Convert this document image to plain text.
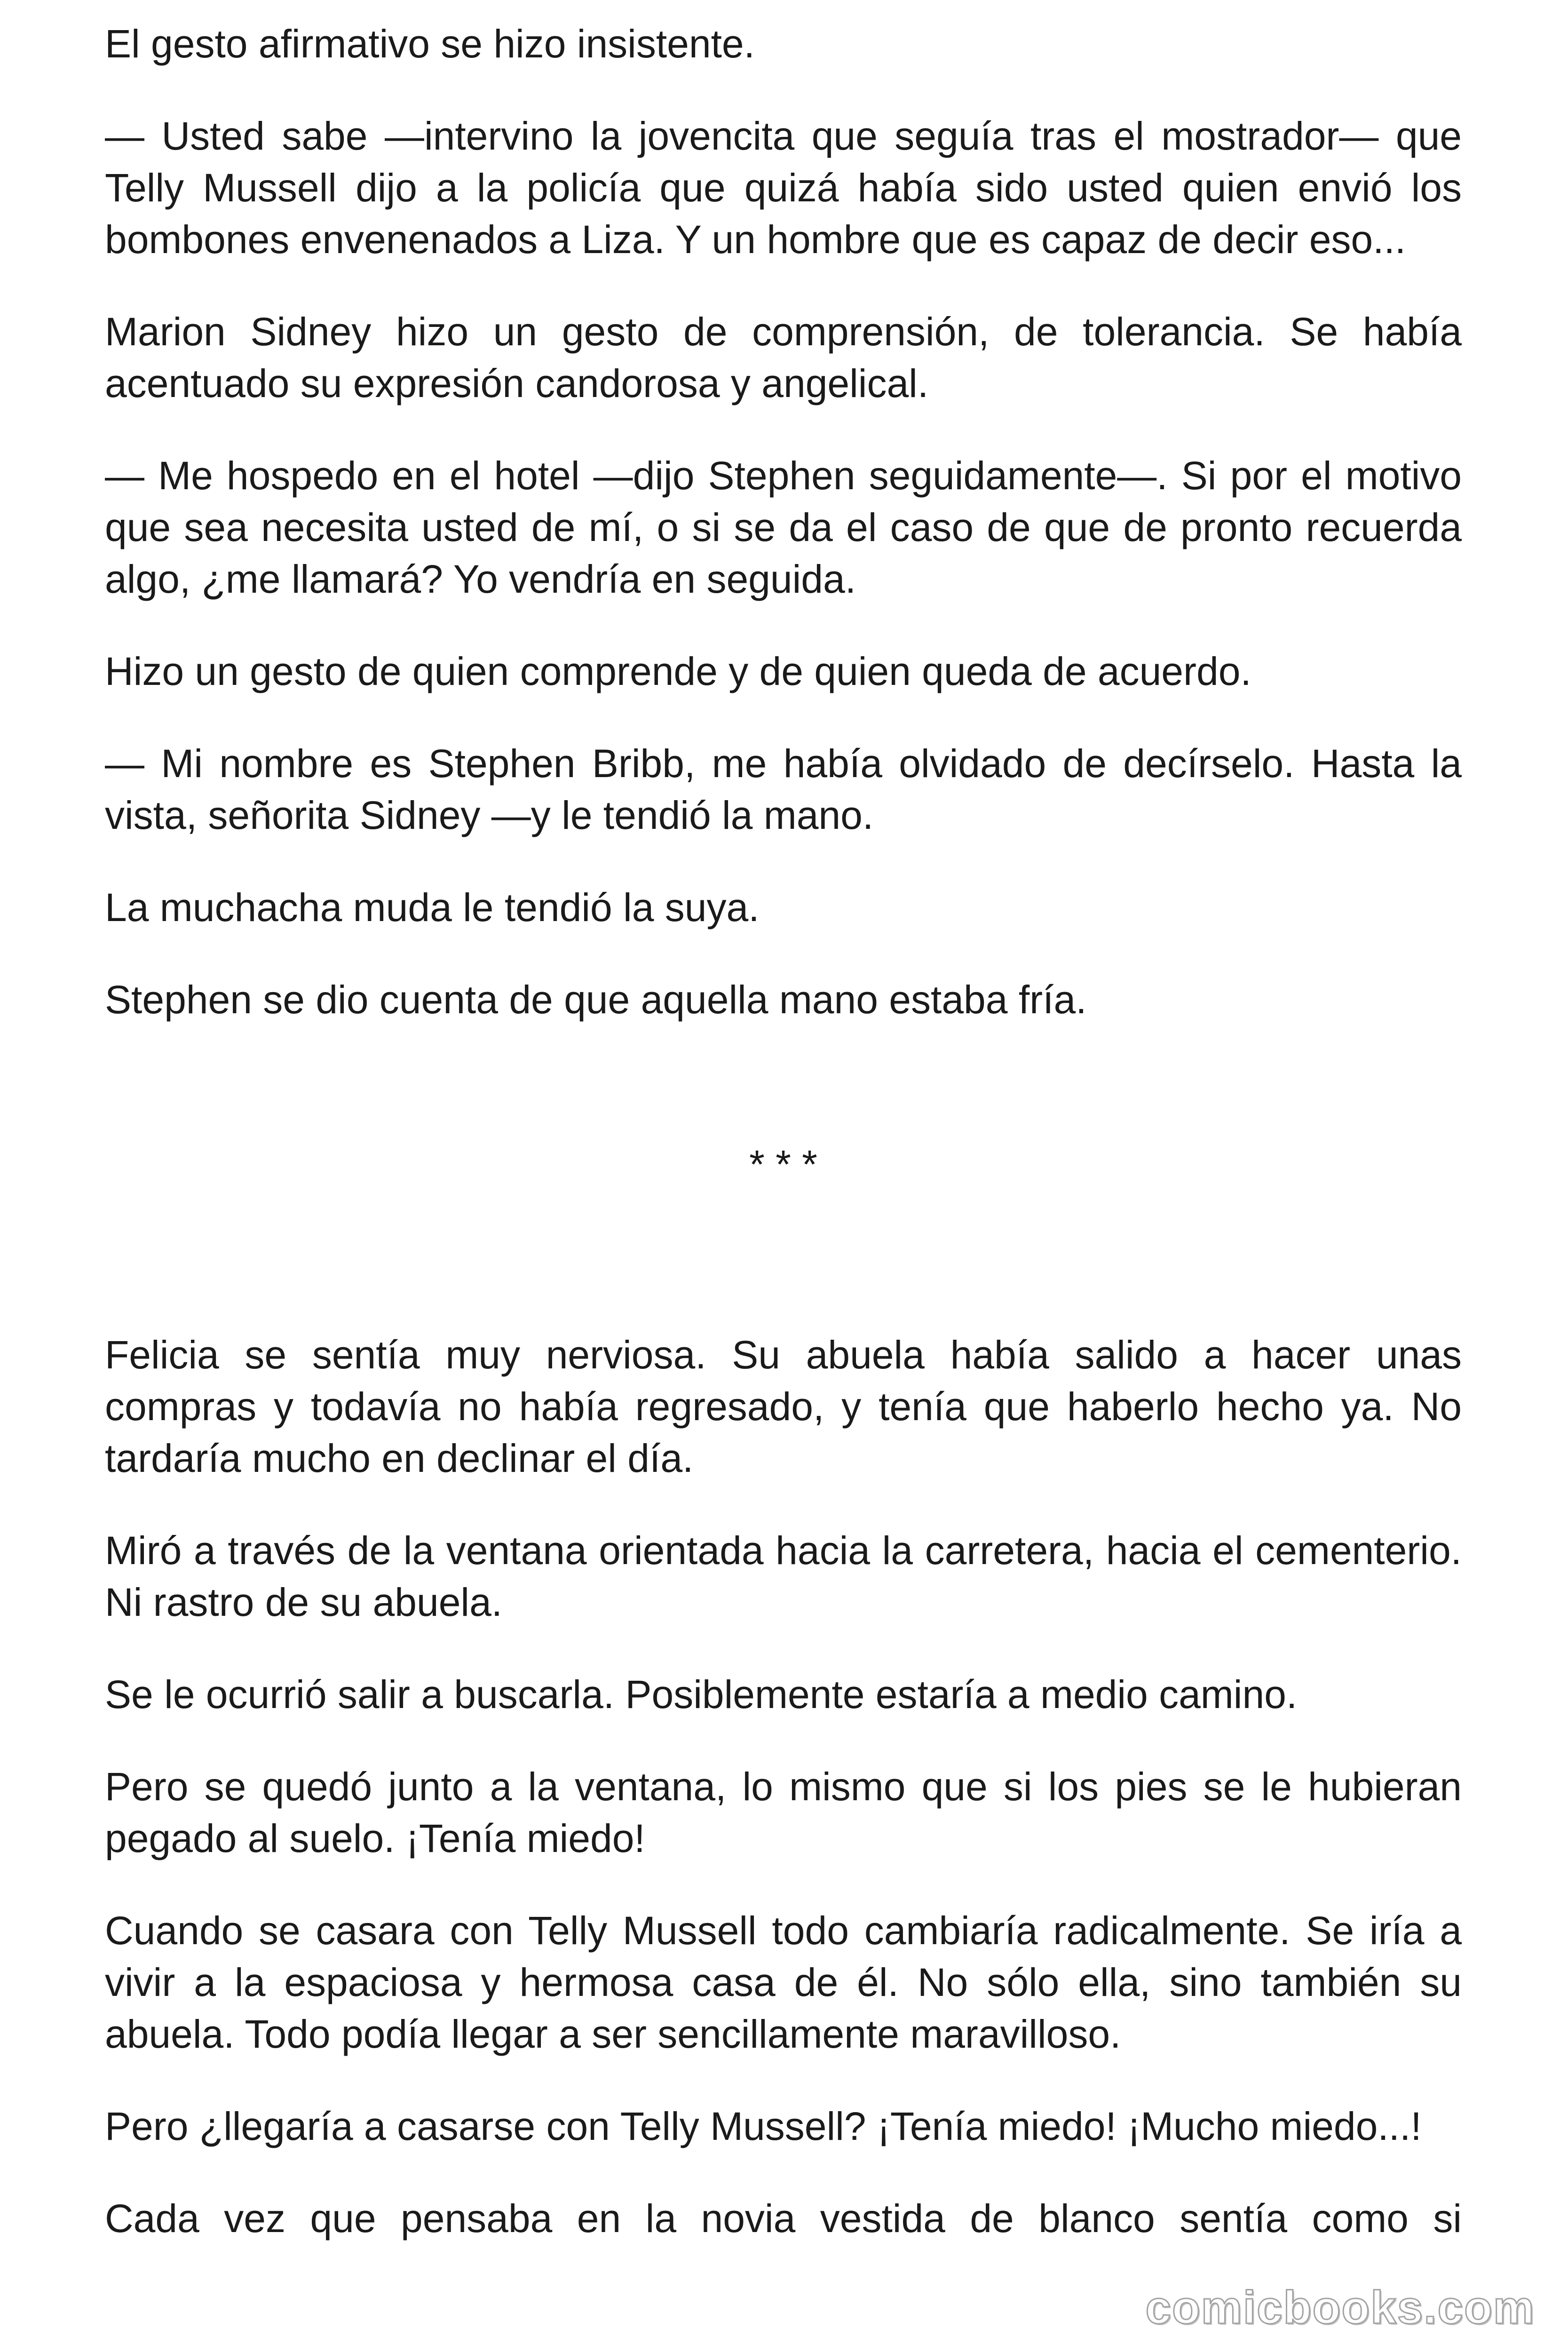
El gesto afirmativo se hizo insistente.

— Usted sabe —intervino la jovencita que seguía tras el mostrador— que Telly Mussell dijo a la policía que quizá había sido usted quien envió los bombones envenenados a Liza. Y un hombre que es capaz de decir eso...

Marion Sidney hizo un gesto de comprensión, de tolerancia. Se había acentuado su expresión candorosa y angelical.

— Me hospedo en el hotel —dijo Stephen seguidamente—. Si por el motivo que sea necesita usted de mí, o si se da el caso de que de pronto recuerda algo, ¿me llamará? Yo vendría en seguida.

Hizo un gesto de quien comprende y de quien queda de acuerdo.

— Mi nombre es Stephen Bribb, me había olvidado de decírselo. Hasta la vista, señorita Sidney —y le tendió la mano.

La muchacha muda le tendió la suya.

Stephen se dio cuenta de que aquella mano estaba fría.

* * *

Felicia se sentía muy nerviosa. Su abuela había salido a hacer unas compras y todavía no había regresado, y tenía que haberlo hecho ya. No tardaría mucho en declinar el día.

Miró a través de la ventana orientada hacia la carretera, hacia el cementerio. Ni rastro de su abuela.

Se le ocurrió salir a buscarla. Posiblemente estaría a medio camino.

Pero se quedó junto a la ventana, lo mismo que si los pies se le hubieran pegado al suelo. ¡Tenía miedo!

Cuando se casara con Telly Mussell todo cambiaría radicalmente. Se iría a vivir a la espaciosa y hermosa casa de él. No sólo ella, sino también su abuela. Todo podía llegar a ser sencillamente maravilloso.

Pero ¿llegaría a casarse con Telly Mussell? ¡Tenía miedo! ¡Mucho miedo...!

Cada vez que pensaba en la novia vestida de blanco sentía como si

comicbooks.com
